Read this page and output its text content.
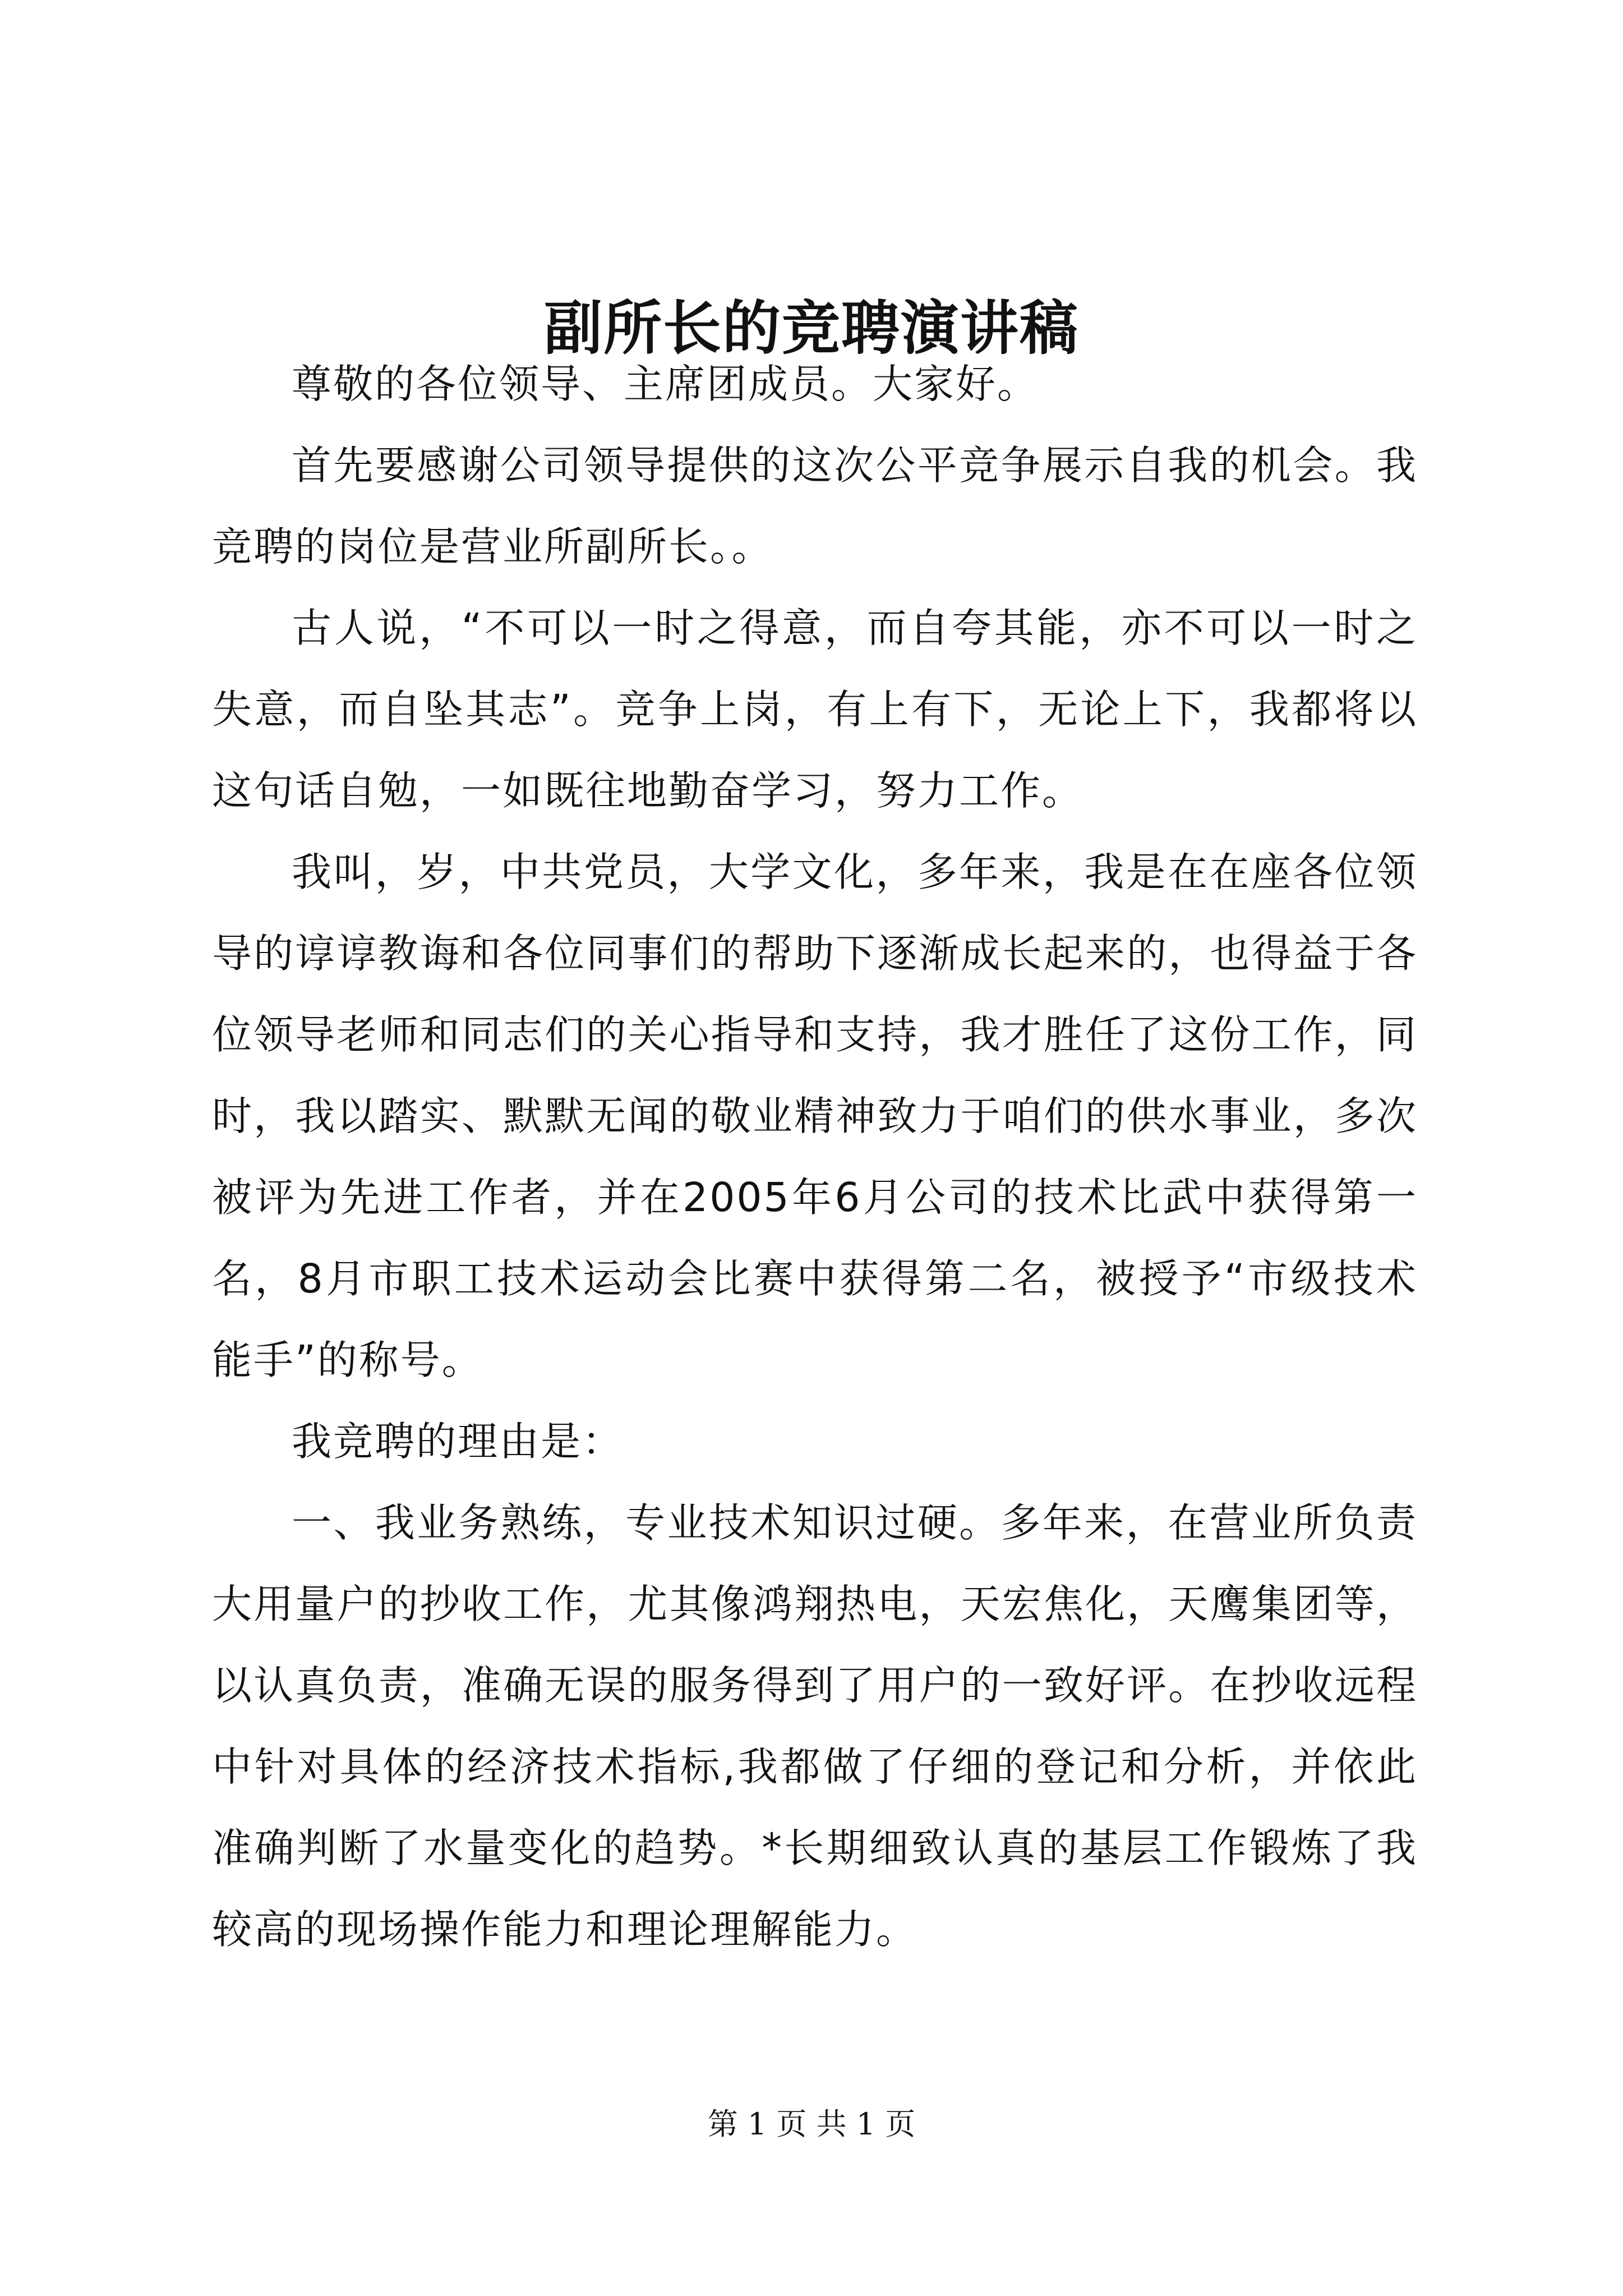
副所长的竞聘演讲稿

尊敬的各位领导、主席团成员。大家好。

首先要感谢公司领导提供的这次公平竞争展示自我的机会。我竞聘的岗位是营业所副所长。。

古人说，“不可以一时之得意，而自夸其能，亦不可以一时之失意，而自坠其志”。竞争上岗，有上有下，无论上下，我都将以这句话自勉，一如既往地勤奋学习，努力工作。

我叫，岁，中共党员，大学文化，多年来，我是在在座各位领导的谆谆教诲和各位同事们的帮助下逐渐成长起来的，也得益于各位领导老师和同志们的关心指导和支持，我才胜任了这份工作，同时，我以踏实、默默无闻的敬业精神致力于咱们的供水事业，多次被评为先进工作者，并在2005年6月公司的技术比武中获得第一名，8月市职工技术运动会比赛中获得第二名，被授予“市级技术能手”的称号。

我竞聘的理由是：

一、我业务熟练，专业技术知识过硬。多年来，在营业所负责大用量户的抄收工作，尤其像鸿翔热电，天宏焦化，天鹰集团等，以认真负责，准确无误的服务得到了用户的一致好评。在抄收远程中针对具体的经济技术指标,我都做了仔细的登记和分析，并依此准确判断了水量变化的趋势。*长期细致认真的基层工作锻炼了我较高的现场操作能力和理论理解能力。

第 1 页 共 1 页
